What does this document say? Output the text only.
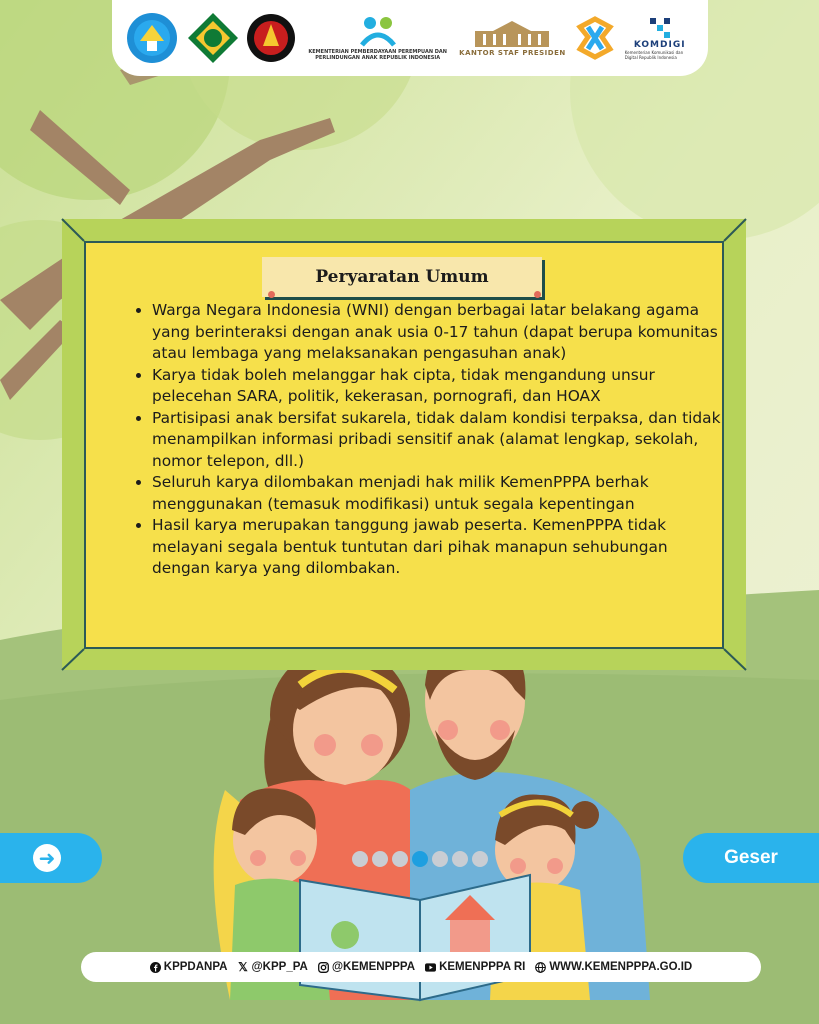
KEMENTERIAN PEMBERDAYAAN PEREMPUAN DAN PERLINDUNGAN ANAK REPUBLIK INDONESIA
KANTOR STAF PRESIDEN
KOMDIGI
Kementerian Komunikasi dan Digital Republik Indonesia
Peryaratan Umum
• Warga Negara Indonesia (WNI) dengan berbagai latar belakang agama yang berinteraksi dengan anak usia 0-17 tahun (dapat berupa komunitas atau lembaga yang melaksanakan pengasuhan anak)
• Karya tidak boleh melanggar hak cipta, tidak mengandung unsur pelecehan SARA, politik, kekerasan, pornografi, dan HOAX
• Partisipasi anak bersifat sukarela, tidak dalam kondisi terpaksa, dan tidak menampilkan informasi pribadi sensitif anak (alamat lengkap, sekolah, nomor telepon, dll.)
• Seluruh karya dilombakan menjadi hak milik KemenPPPA berhak menggunakan (temasuk modifikasi) untuk segala kepentingan
• Hasil karya merupakan tanggung jawab peserta. KemenPPPA tidak melayani segala bentuk tuntutan dari pihak manapun sehubungan dengan karya yang dilombakan.
➜	Geser
KPPDANPA 𝕏 @KPP_PA @KEMENPPPA KEMENPPPA RI WWW.KEMENPPPA.GO.ID
